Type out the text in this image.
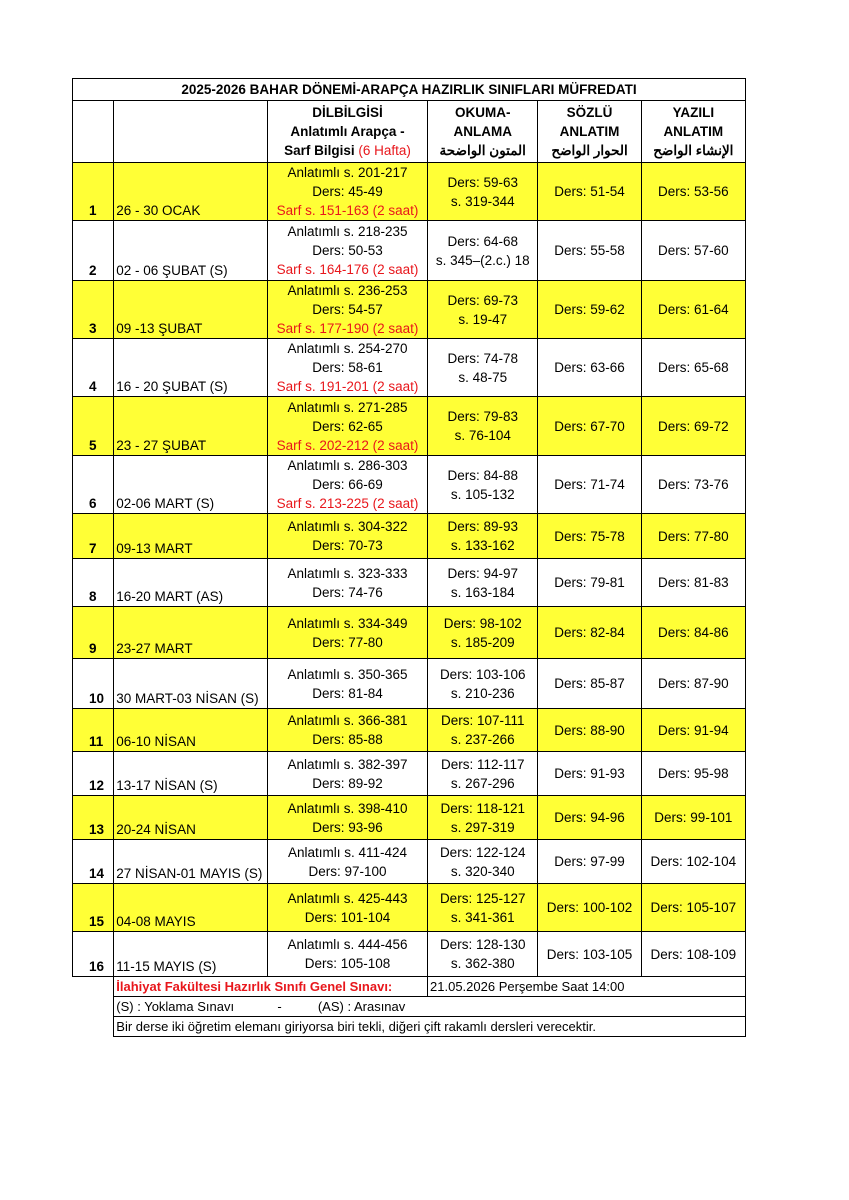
2025-2026 BAHAR DÖNEMİ-ARAPÇA HAZIRLIK SINIFLARI MÜFREDATI					

		DİLBİLGİSİ
Anlatımlı Arapça -
Sarf Bilgisi (6 Hafta)	OKUMA-
ANLAMA
المتون الواضحة	SÖZLÜ
ANLATIM
الحوار الواضح	YAZILI
ANLATIM
الإنشاء الواضح

1	26 - 30 OCAK	Anlatımlı s. 201-217
Ders: 45-49
Sarf s. 151-163 (2 saat)	Ders: 59-63
s. 319-344	Ders: 51-54	Ders: 53-56
2	02 - 06 ŞUBAT (S)	Anlatımlı s. 218-235
Ders: 50-53
Sarf s. 164-176 (2 saat)	Ders: 64-68
s. 345–(2.c.) 18	Ders: 55-58	Ders: 57-60
3	09 -13 ŞUBAT	Anlatımlı s. 236-253
Ders: 54-57
Sarf s. 177-190 (2 saat)	Ders: 69-73
s. 19-47	Ders: 59-62	Ders: 61-64
4	16 - 20 ŞUBAT (S)	Anlatımlı s. 254-270
Ders: 58-61
Sarf s. 191-201 (2 saat)	Ders: 74-78
s. 48-75	Ders: 63-66	Ders: 65-68
5	23 - 27 ŞUBAT	Anlatımlı s. 271-285
Ders: 62-65
Sarf s. 202-212 (2 saat)	Ders: 79-83
s. 76-104	Ders: 67-70	Ders: 69-72
6	02-06 MART (S)	Anlatımlı s. 286-303
Ders: 66-69
Sarf s. 213-225 (2 saat)	Ders: 84-88
s. 105-132	Ders: 71-74	Ders: 73-76
7	09-13 MART	Anlatımlı s. 304-322
Ders: 70-73	Ders: 89-93
s. 133-162	Ders: 75-78	Ders: 77-80
8	16-20 MART (AS)	Anlatımlı s. 323-333
Ders: 74-76	Ders: 94-97
s. 163-184	Ders: 79-81	Ders: 81-83
9	23-27 MART	Anlatımlı s. 334-349
Ders: 77-80	Ders: 98-102
s. 185-209	Ders: 82-84	Ders: 84-86
10	30 MART-03 NİSAN (S)	Anlatımlı s. 350-365
Ders: 81-84	Ders: 103-106
s. 210-236	Ders: 85-87	Ders: 87-90
11	06-10 NİSAN	Anlatımlı s. 366-381
Ders: 85-88	Ders: 107-111
s. 237-266	Ders: 88-90	Ders: 91-94
12	13-17 NİSAN (S)	Anlatımlı s. 382-397
Ders: 89-92	Ders: 112-117
s. 267-296	Ders: 91-93	Ders: 95-98
13	20-24 NİSAN	Anlatımlı s. 398-410
Ders: 93-96	Ders: 118-121
s. 297-319	Ders: 94-96	Ders: 99-101
14	27 NİSAN-01 MAYIS (S)	Anlatımlı s. 411-424
Ders: 97-100	Ders: 122-124
s. 320-340	Ders: 97-99	Ders: 102-104
15	04-08 MAYIS	Anlatımlı s. 425-443
Ders: 101-104	Ders: 125-127
s. 341-361	Ders: 100-102	Ders: 105-107
16	11-15 MAYIS (S)	Anlatımlı s. 444-456
Ders: 105-108	Ders: 128-130
s. 362-380	Ders: 103-105	Ders: 108-109
	İlahiyat Fakültesi Hazırlık Sınıfı Genel Sınavı:		21.05.2026 Perşembe Saat 14:00		
	(S) : Yoklama Sınavı            -          (AS) : Arasınav				
	Bir derse iki öğretim elemanı giriyorsa biri tekli, diğeri çift rakamlı dersleri verecektir.				
